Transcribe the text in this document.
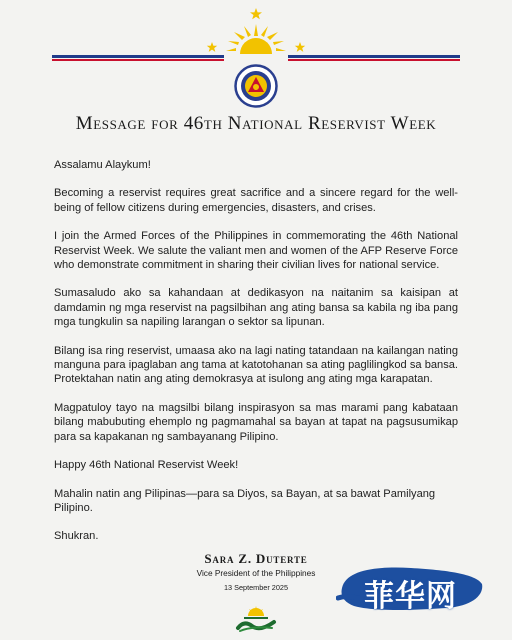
Message for 46th National Reservist Week

Assalamu Alaykum!

Becoming a reservist requires great sacrifice and a sincere regard for the well-being of fellow citizens during emergencies, disasters, and crises.

I join the Armed Forces of the Philippines in commemorating the 46th National Reservist Week. We salute the valiant men and women of the AFP Reserve Force who demonstrate commitment in sharing their civilian lives for national service.

Sumasaludo ako sa kahandaan at dedikasyon na naitanim sa kaisipan at damdamin ng mga reservist na pagsilbihan ang ating bansa sa kabila ng iba pang mga tungkulin sa napiling larangan o sektor sa lipunan.

Bilang isa ring reservist, umaasa ako na lagi nating tatandaan na kailangan nating manguna para ipaglaban ang tama at katotohanan sa ating paglilingkod sa bansa. Protektahan natin ang ating demokrasya at isulong ang ating mga karapatan.

Magpatuloy tayo na magsilbi bilang inspirasyon sa mas marami pang kabataan bilang mabubuting ehemplo ng pagmamahal sa bayan at tapat na pagsusumikap para sa kapakanan ng sambayanang Pilipino.

Happy 46th National Reservist Week!

Mahalin natin ang Pilipinas—para sa Diyos, sa Bayan, at sa bawat Pamilyang Pilipino.

Shukran.

Sara Z. Duterte
Vice President of the Philippines
13 September 2025	菲华网
